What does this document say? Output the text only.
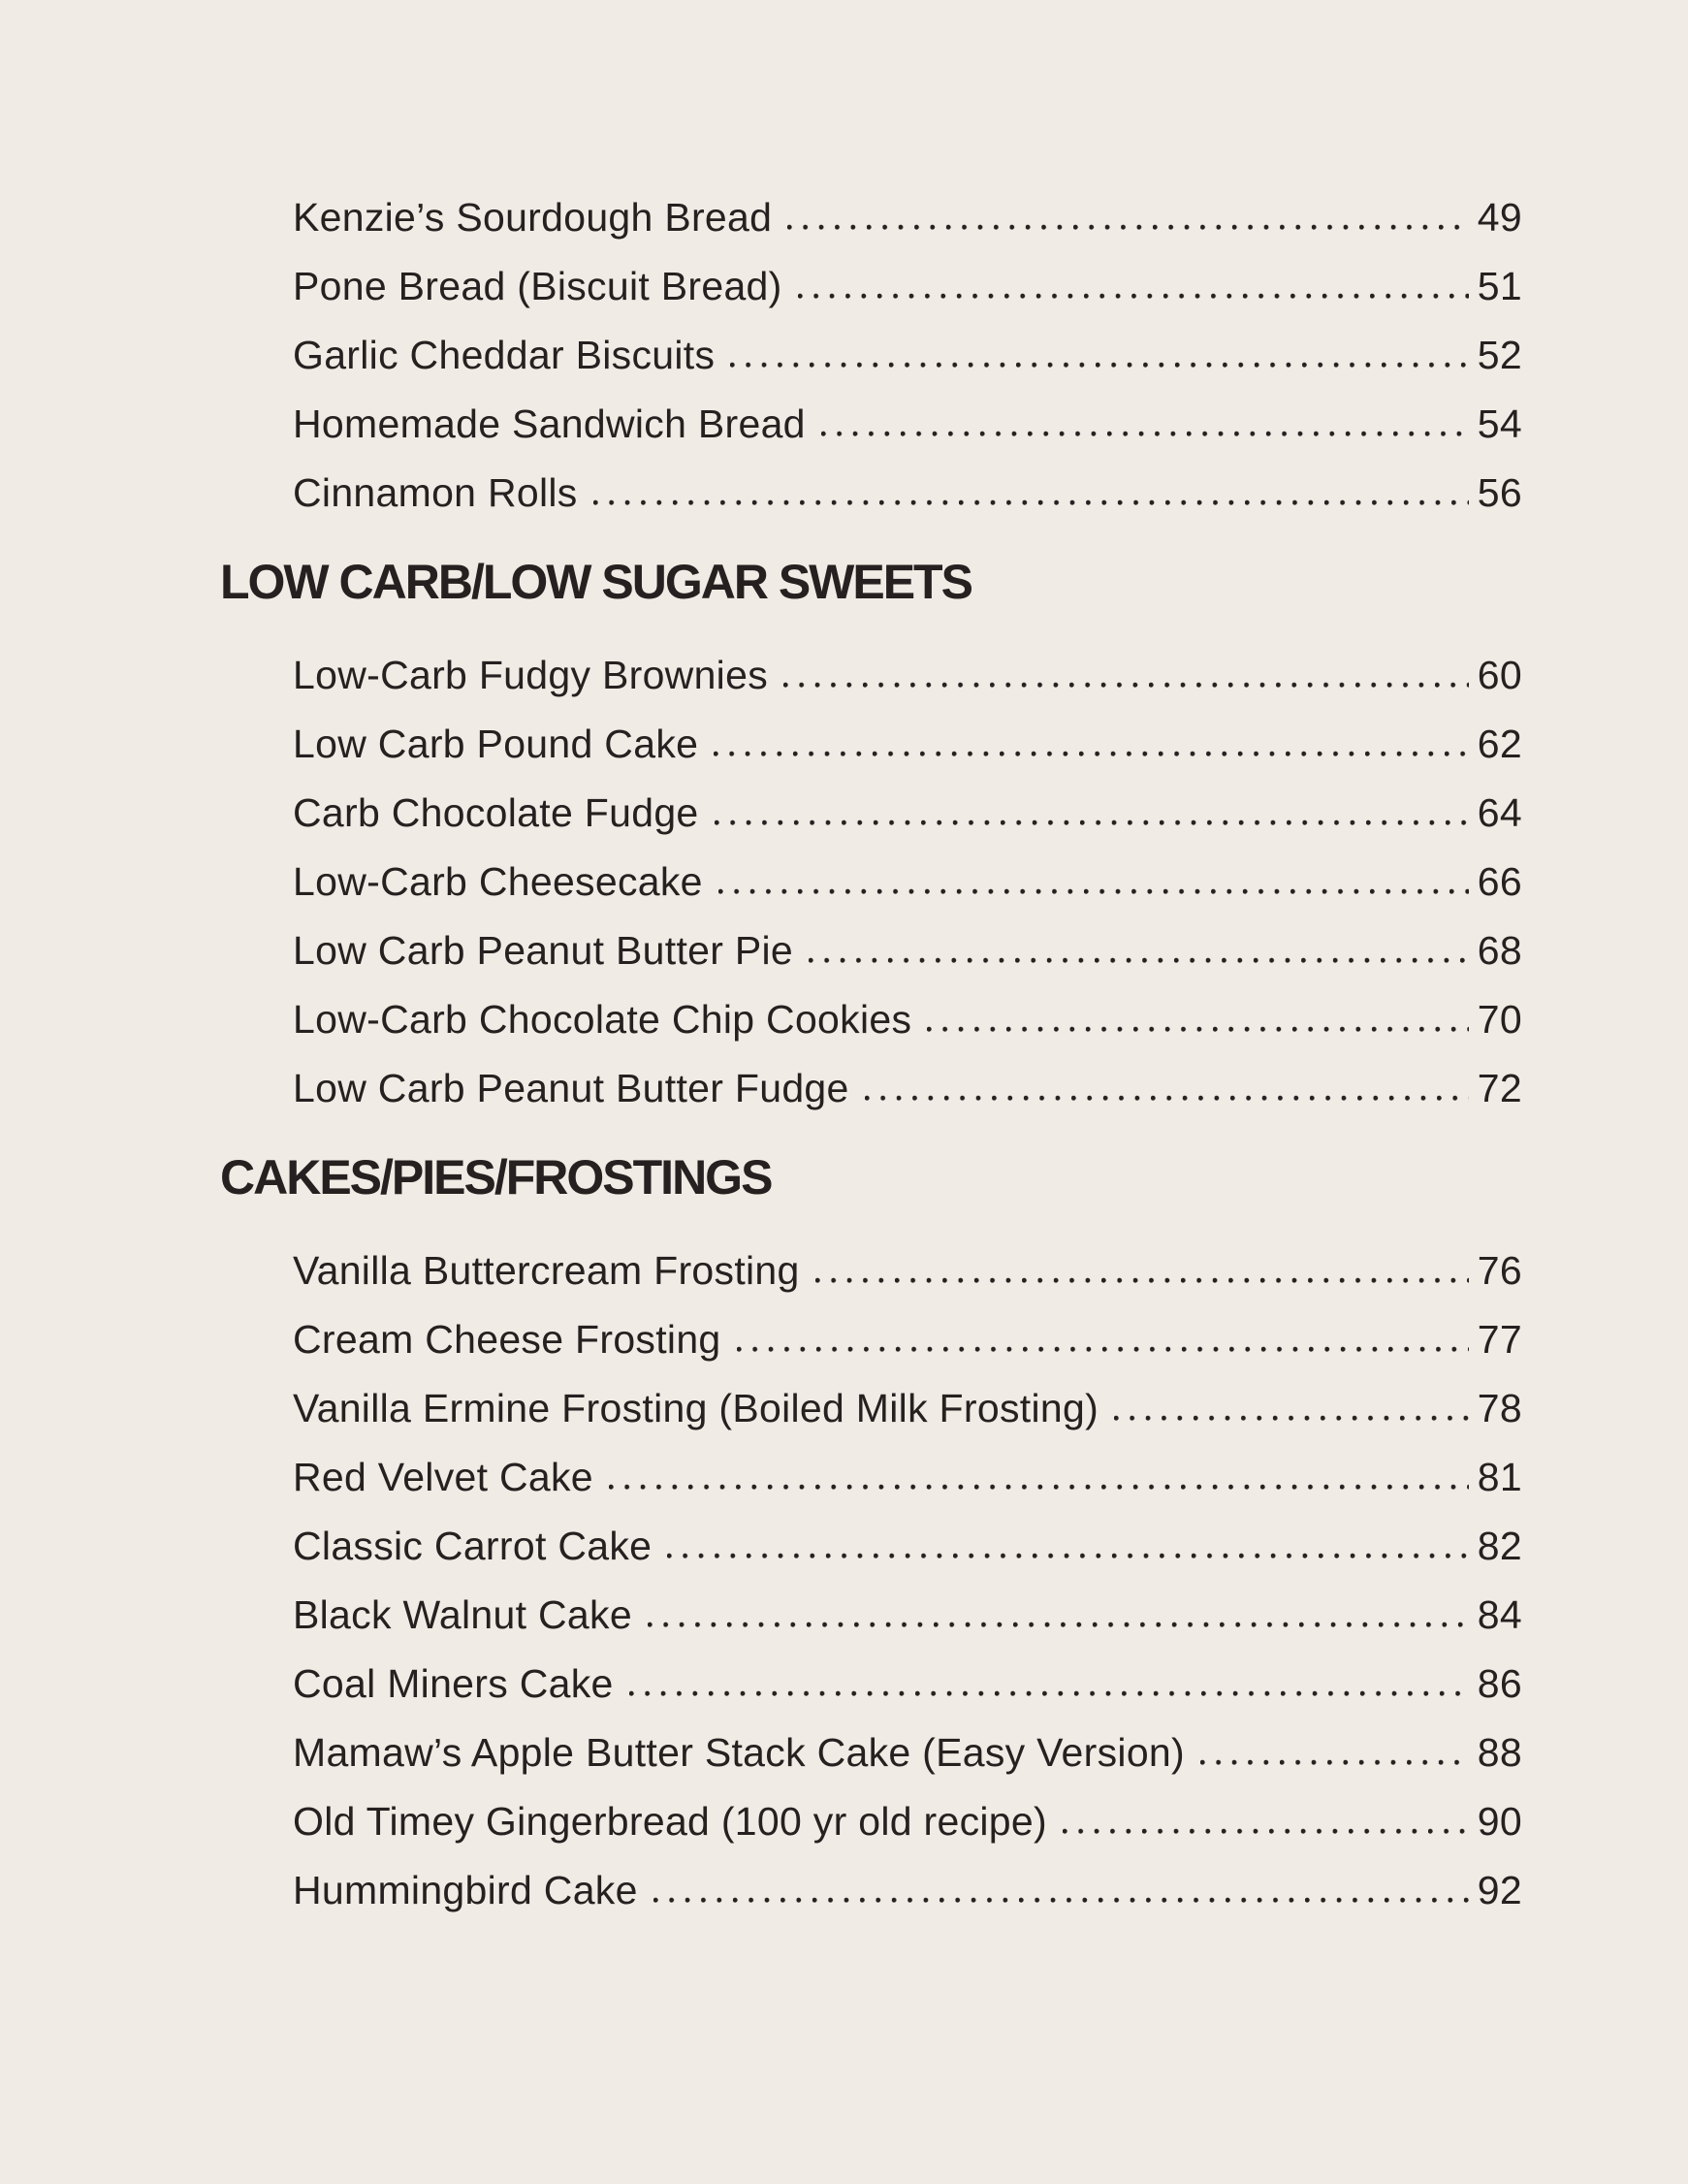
Kenzie’s Sourdough Bread	49
Pone Bread (Biscuit Bread)	51
Garlic Cheddar Biscuits	52
Homemade Sandwich Bread	54
Cinnamon Rolls	56
LOW CARB/LOW SUGAR SWEETS
Low-Carb Fudgy Brownies	60
Low Carb Pound Cake	62
Carb Chocolate Fudge	64
Low-Carb Cheesecake	66
Low Carb Peanut Butter Pie	68
Low-Carb Chocolate Chip Cookies	70
Low Carb Peanut Butter Fudge	72
CAKES/PIES/FROSTINGS
Vanilla Buttercream Frosting	76
Cream Cheese Frosting	77
Vanilla Ermine Frosting (Boiled Milk Frosting)	78
Red Velvet Cake	81
Classic Carrot Cake	82
Black Walnut Cake	84
Coal Miners Cake	86
Mamaw’s Apple Butter Stack Cake (Easy Version)	88
Old Timey Gingerbread (100 yr old recipe)	90
Hummingbird Cake	92
